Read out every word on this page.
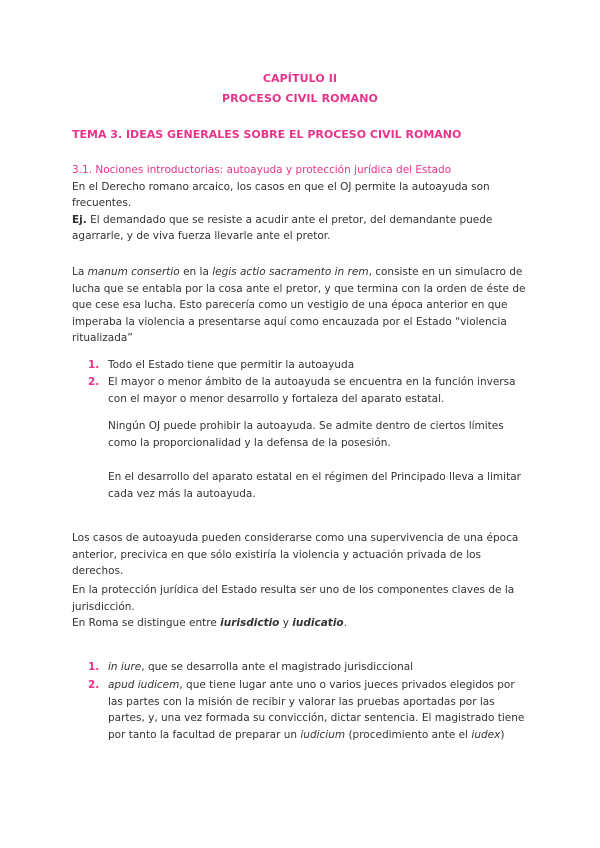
CAPÍTULO II
PROCESO CIVIL ROMANO
TEMA 3. IDEAS GENERALES SOBRE EL PROCESO CIVIL ROMANO
3.1. Nociones introductorias: autoayuda y protección jurídica del Estado
En el Derecho romano arcaico, los casos en que el OJ permite la autoayuda son frecuentes.
Ej. El demandado que se resiste a acudir ante el pretor, del demandante puede agarrarle, y de viva fuerza llevarle ante el pretor.
La manum consertio en la legis actio sacramento in rem, consiste en un simulacro de lucha que se entabla por la cosa ante el pretor, y que termina con la orden de éste de que cese esa lucha. Esto parecería como un vestigio de una época anterior en que imperaba la violencia a presentarse aquí como encauzada por el Estado “violencia ritualizada”
1. Todo el Estado tiene que permitir la autoayuda
2. El mayor o menor ámbito de la autoayuda se encuentra en la función inversa con el mayor o menor desarrollo y fortaleza del aparato estatal.
Ningún OJ puede prohibir la autoayuda. Se admite dentro de ciertos límites como la proporcionalidad y la defensa de la posesión.
En el desarrollo del aparato estatal en el régimen del Principado lleva a limitar cada vez más la autoayuda.
Los casos de autoayuda pueden considerarse como una supervivencia de una época anterior, precivica en que sólo existiría la violencia y actuación privada de los derechos.
En la protección jurídica del Estado resulta ser uno de los componentes claves de la jurisdicción.
En Roma se distingue entre iurisdictio y iudicatio.
1. in iure, que se desarrolla ante el magistrado jurisdiccional
2. apud iudicem, que tiene lugar ante uno o varios jueces privados elegidos por las partes con la misión de recibir y valorar las pruebas aportadas por las partes, y, una vez formada su convicción, dictar sentencia. El magistrado tiene por tanto la facultad de preparar un iudicium (procedimiento ante el iudex)
